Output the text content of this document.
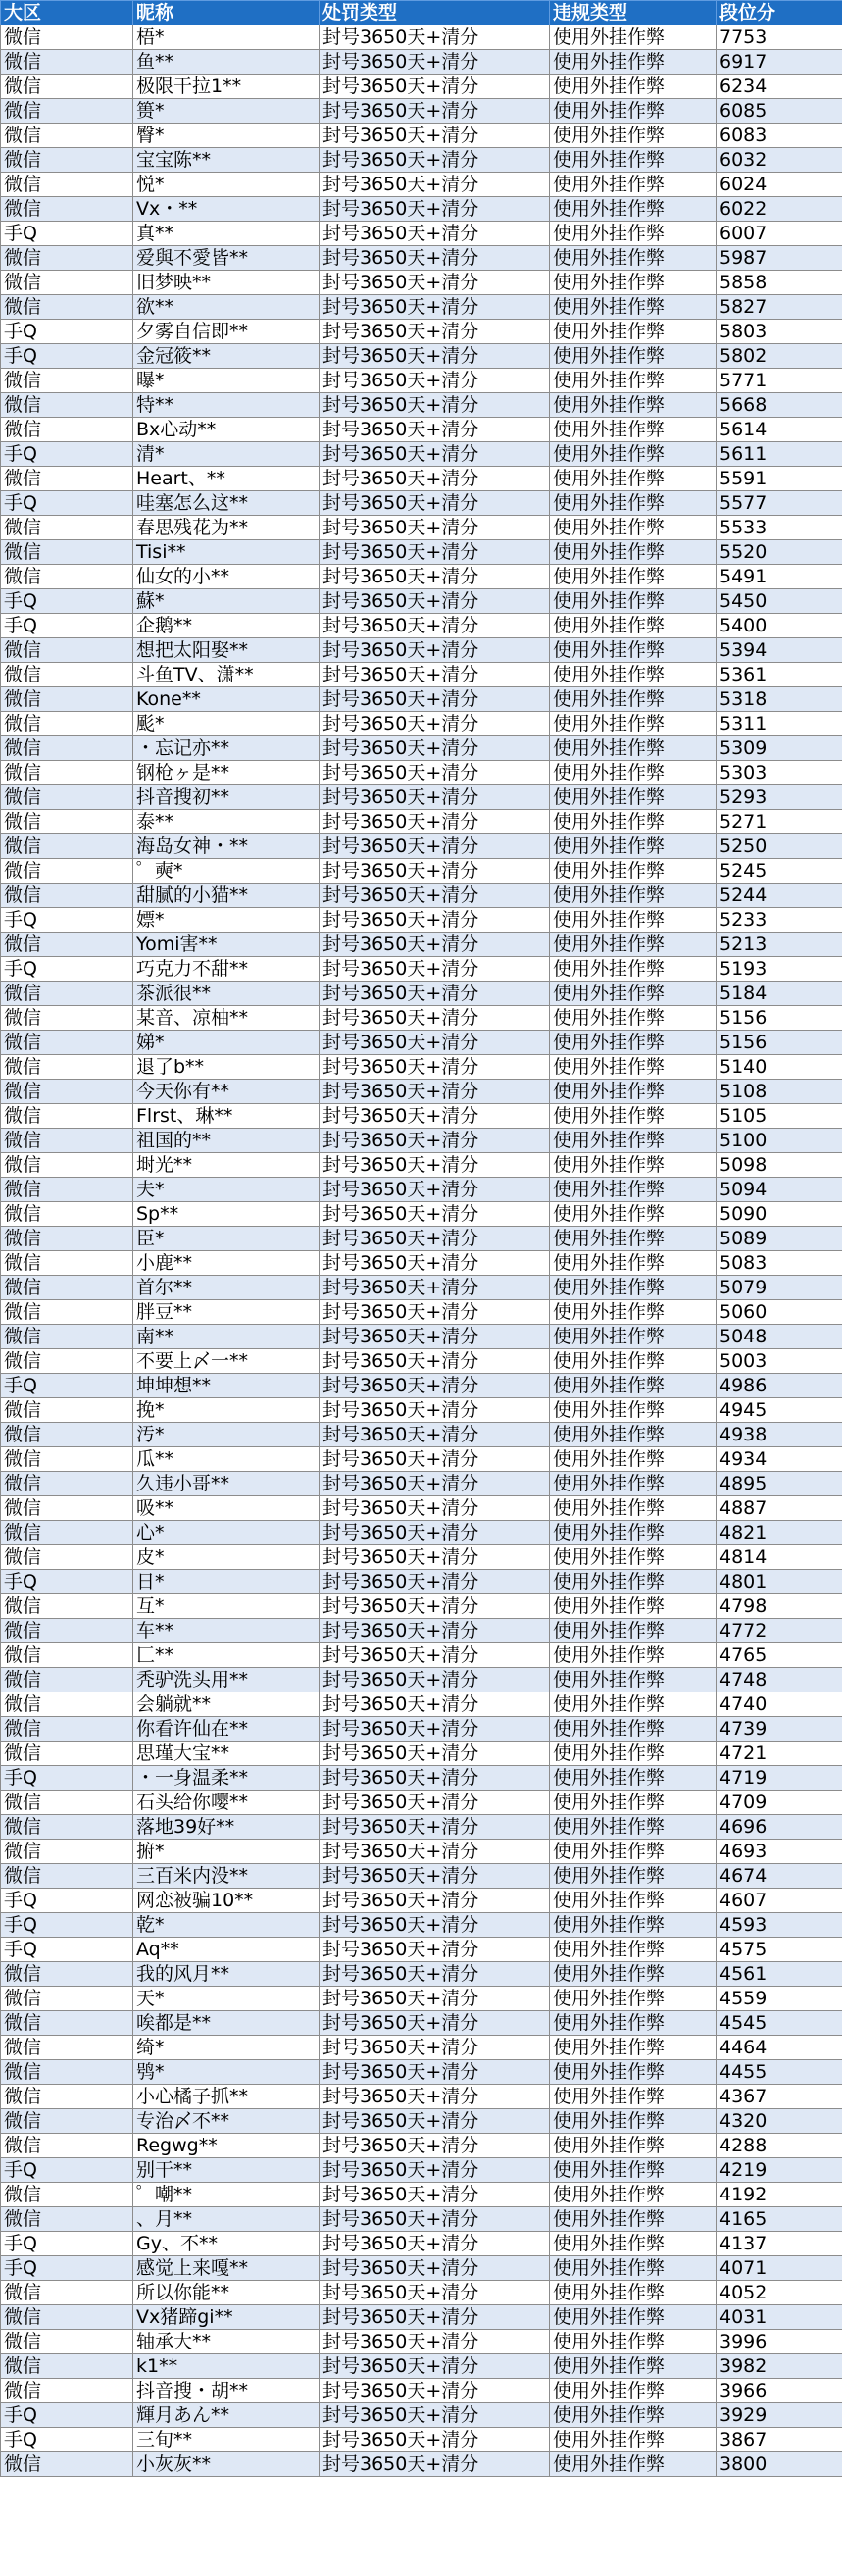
大区	昵称	处罚类型	违规类型	段位分
微信	梧*	封号3650天+清分	使用外挂作弊	7753
微信	鱼**	封号3650天+清分	使用外挂作弊	6917
微信	极限干拉1**	封号3650天+清分	使用外挂作弊	6234
微信	篑*	封号3650天+清分	使用外挂作弊	6085
微信	臀*	封号3650天+清分	使用外挂作弊	6083
微信	宝宝陈**	封号3650天+清分	使用外挂作弊	6032
微信	悦*	封号3650天+清分	使用外挂作弊	6024
微信	Vx・**	封号3650天+清分	使用外挂作弊	6022
手Q	真**	封号3650天+清分	使用外挂作弊	6007
微信	爱與不愛皆**	封号3650天+清分	使用外挂作弊	5987
微信	旧梦映**	封号3650天+清分	使用外挂作弊	5858
微信	欲**	封号3650天+清分	使用外挂作弊	5827
手Q	夕雾自信即**	封号3650天+清分	使用外挂作弊	5803
手Q	金冠筱**	封号3650天+清分	使用外挂作弊	5802
微信	曝*	封号3650天+清分	使用外挂作弊	5771
微信	特**	封号3650天+清分	使用外挂作弊	5668
微信	Bx心动**	封号3650天+清分	使用外挂作弊	5614
手Q	清*	封号3650天+清分	使用外挂作弊	5611
微信	Heart、**	封号3650天+清分	使用外挂作弊	5591
手Q	哇塞怎么这**	封号3650天+清分	使用外挂作弊	5577
微信	春思残花为**	封号3650天+清分	使用外挂作弊	5533
微信	Tisi**	封号3650天+清分	使用外挂作弊	5520
微信	仙女的小**	封号3650天+清分	使用外挂作弊	5491
手Q	蘇*	封号3650天+清分	使用外挂作弊	5450
手Q	企鹅**	封号3650天+清分	使用外挂作弊	5400
微信	想把太阳娶**	封号3650天+清分	使用外挂作弊	5394
微信	斗鱼TV、潇**	封号3650天+清分	使用外挂作弊	5361
微信	Kone**	封号3650天+清分	使用外挂作弊	5318
微信	颩*	封号3650天+清分	使用外挂作弊	5311
微信	・忘记亦**	封号3650天+清分	使用外挂作弊	5309
微信	钢枪ヶ是**	封号3650天+清分	使用外挂作弊	5303
微信	抖音搜初**	封号3650天+清分	使用外挂作弊	5293
微信	泰**	封号3650天+清分	使用外挂作弊	5271
微信	海岛女神・**	封号3650天+清分	使用外挂作弊	5250
微信	゜奭*	封号3650天+清分	使用外挂作弊	5245
微信	甜腻的小猫**	封号3650天+清分	使用外挂作弊	5244
手Q	嫖*	封号3650天+清分	使用外挂作弊	5233
微信	Yomi害**	封号3650天+清分	使用外挂作弊	5213
手Q	巧克力不甜**	封号3650天+清分	使用外挂作弊	5193
微信	茶派很**	封号3650天+清分	使用外挂作弊	5184
微信	某音、凉柚**	封号3650天+清分	使用外挂作弊	5156
微信	娣*	封号3650天+清分	使用外挂作弊	5156
微信	退了b**	封号3650天+清分	使用外挂作弊	5140
微信	今天你有**	封号3650天+清分	使用外挂作弊	5108
微信	Flrst、琳**	封号3650天+清分	使用外挂作弊	5105
微信	祖国的**	封号3650天+清分	使用外挂作弊	5100
微信	埘光**	封号3650天+清分	使用外挂作弊	5098
微信	夫*	封号3650天+清分	使用外挂作弊	5094
微信	Sp**	封号3650天+清分	使用外挂作弊	5090
微信	臣*	封号3650天+清分	使用外挂作弊	5089
微信	小鹿**	封号3650天+清分	使用外挂作弊	5083
微信	首尔**	封号3650天+清分	使用外挂作弊	5079
微信	胖豆**	封号3650天+清分	使用外挂作弊	5060
微信	南**	封号3650天+清分	使用外挂作弊	5048
微信	不要上〆一**	封号3650天+清分	使用外挂作弊	5003
手Q	坤坤想**	封号3650天+清分	使用外挂作弊	4986
微信	挽*	封号3650天+清分	使用外挂作弊	4945
微信	汚*	封号3650天+清分	使用外挂作弊	4938
微信	瓜**	封号3650天+清分	使用外挂作弊	4934
微信	久违小哥**	封号3650天+清分	使用外挂作弊	4895
微信	吸**	封号3650天+清分	使用外挂作弊	4887
微信	心*	封号3650天+清分	使用外挂作弊	4821
微信	皮*	封号3650天+清分	使用外挂作弊	4814
手Q	日*	封号3650天+清分	使用外挂作弊	4801
微信	互*	封号3650天+清分	使用外挂作弊	4798
微信	车**	封号3650天+清分	使用外挂作弊	4772
微信	匚**	封号3650天+清分	使用外挂作弊	4765
微信	秃驴洗头用**	封号3650天+清分	使用外挂作弊	4748
微信	会躺就**	封号3650天+清分	使用外挂作弊	4740
微信	你看许仙在**	封号3650天+清分	使用外挂作弊	4739
微信	思瑾大宝**	封号3650天+清分	使用外挂作弊	4721
手Q	・一身温柔**	封号3650天+清分	使用外挂作弊	4719
微信	石头给你嘤**	封号3650天+清分	使用外挂作弊	4709
微信	落地39好**	封号3650天+清分	使用外挂作弊	4696
微信	捬*	封号3650天+清分	使用外挂作弊	4693
微信	三百米内没**	封号3650天+清分	使用外挂作弊	4674
手Q	网恋被骗10**	封号3650天+清分	使用外挂作弊	4607
手Q	乾*	封号3650天+清分	使用外挂作弊	4593
手Q	Aq**	封号3650天+清分	使用外挂作弊	4575
微信	我的风月**	封号3650天+清分	使用外挂作弊	4561
微信	天*	封号3650天+清分	使用外挂作弊	4559
微信	唉都是**	封号3650天+清分	使用外挂作弊	4545
微信	绮*	封号3650天+清分	使用外挂作弊	4464
微信	鸮*	封号3650天+清分	使用外挂作弊	4455
微信	小心橘子抓**	封号3650天+清分	使用外挂作弊	4367
微信	专治〆不**	封号3650天+清分	使用外挂作弊	4320
微信	Regwg**	封号3650天+清分	使用外挂作弊	4288
手Q	别干**	封号3650天+清分	使用外挂作弊	4219
微信	゜嘲**	封号3650天+清分	使用外挂作弊	4192
微信	、月**	封号3650天+清分	使用外挂作弊	4165
手Q	Gy、不**	封号3650天+清分	使用外挂作弊	4137
手Q	感觉上来嘎**	封号3650天+清分	使用外挂作弊	4071
微信	所以你能**	封号3650天+清分	使用外挂作弊	4052
微信	Vx猪蹄gi**	封号3650天+清分	使用外挂作弊	4031
微信	轴承大**	封号3650天+清分	使用外挂作弊	3996
微信	k1**	封号3650天+清分	使用外挂作弊	3982
微信	抖音搜・胡**	封号3650天+清分	使用外挂作弊	3966
手Q	輝月あん**	封号3650天+清分	使用外挂作弊	3929
手Q	三旬**	封号3650天+清分	使用外挂作弊	3867
微信	小灰灰**	封号3650天+清分	使用外挂作弊	3800
